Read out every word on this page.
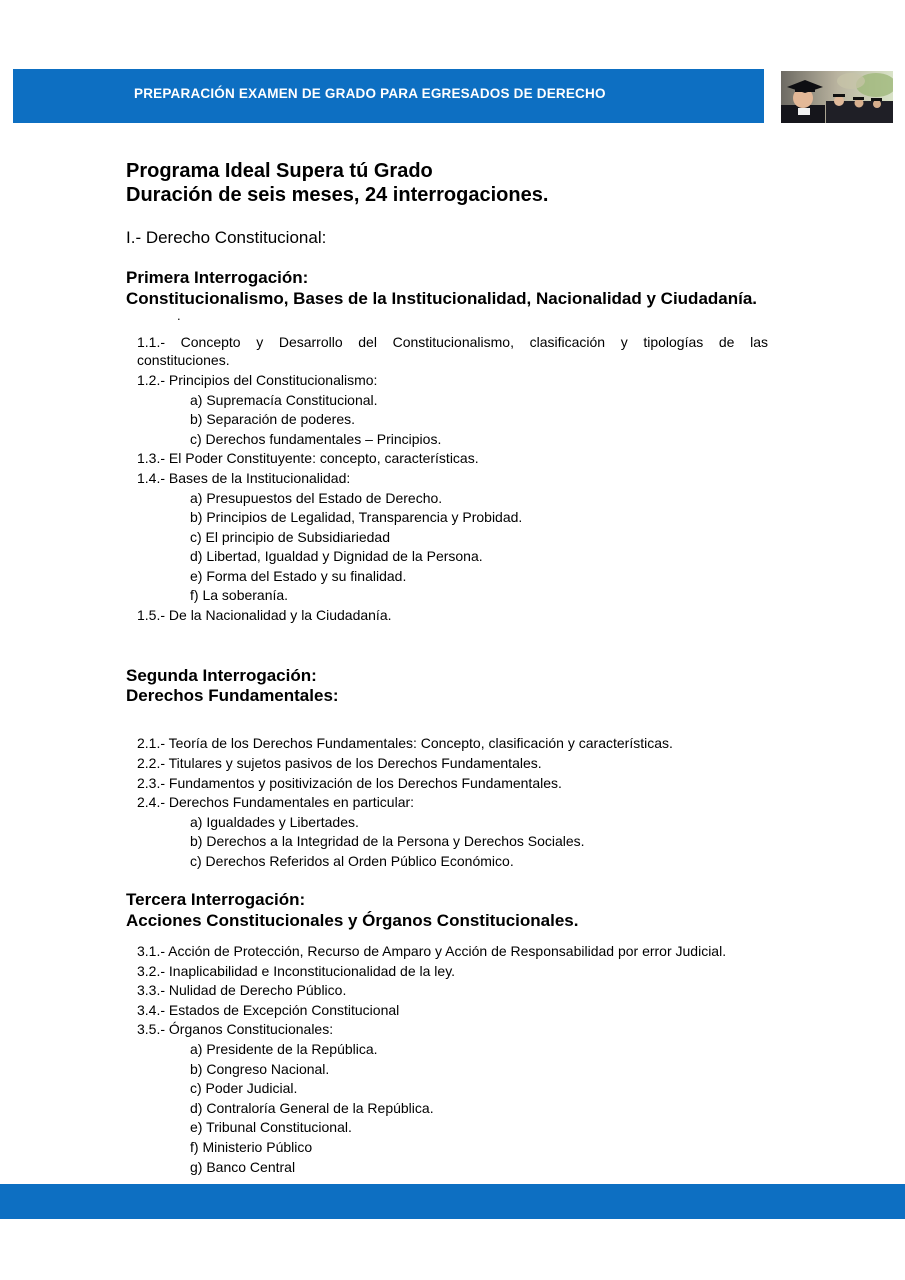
PREPARACIÓN EXAMEN DE GRADO PARA EGRESADOS DE DERECHO
Programa Ideal Supera tú Grado
Duración de seis meses, 24 interrogaciones.
I.- Derecho Constitucional:
Primera Interrogación:
Constitucionalismo, Bases de la Institucionalidad, Nacionalidad y Ciudadanía.
.
1.1.- Concepto y Desarrollo del Constitucionalismo, clasificación y tipologías de las
constituciones.
1.2.- Principios del Constitucionalismo:
a) Supremacía Constitucional.
b) Separación de poderes.
c) Derechos fundamentales – Principios.
1.3.- El Poder Constituyente: concepto, características.
1.4.- Bases de la Institucionalidad:
a) Presupuestos del Estado de Derecho.
b) Principios de Legalidad, Transparencia y Probidad.
c) El principio de Subsidiariedad
d) Libertad, Igualdad y Dignidad de la Persona.
e) Forma del Estado y su finalidad.
f) La soberanía.
1.5.- De la Nacionalidad y la Ciudadanía.
Segunda Interrogación:
Derechos Fundamentales:
2.1.- Teoría de los Derechos Fundamentales: Concepto, clasificación y características.
2.2.- Titulares y sujetos pasivos de los Derechos Fundamentales.
2.3.- Fundamentos y positivización de los Derechos Fundamentales.
2.4.- Derechos Fundamentales en particular:
a) Igualdades y Libertades.
b) Derechos a la Integridad de la Persona y Derechos Sociales.
c) Derechos Referidos al Orden Público Económico.
Tercera Interrogación:
Acciones Constitucionales y Órganos Constitucionales.
3.1.- Acción de Protección, Recurso de Amparo y Acción de Responsabilidad por error Judicial.
3.2.- Inaplicabilidad e Inconstitucionalidad de la ley.
3.3.- Nulidad de Derecho Público.
3.4.- Estados de Excepción Constitucional
3.5.- Órganos Constitucionales:
a) Presidente de la República.
b) Congreso Nacional.
c) Poder Judicial.
d) Contraloría General de la República.
e) Tribunal Constitucional.
f) Ministerio Público
g) Banco Central
